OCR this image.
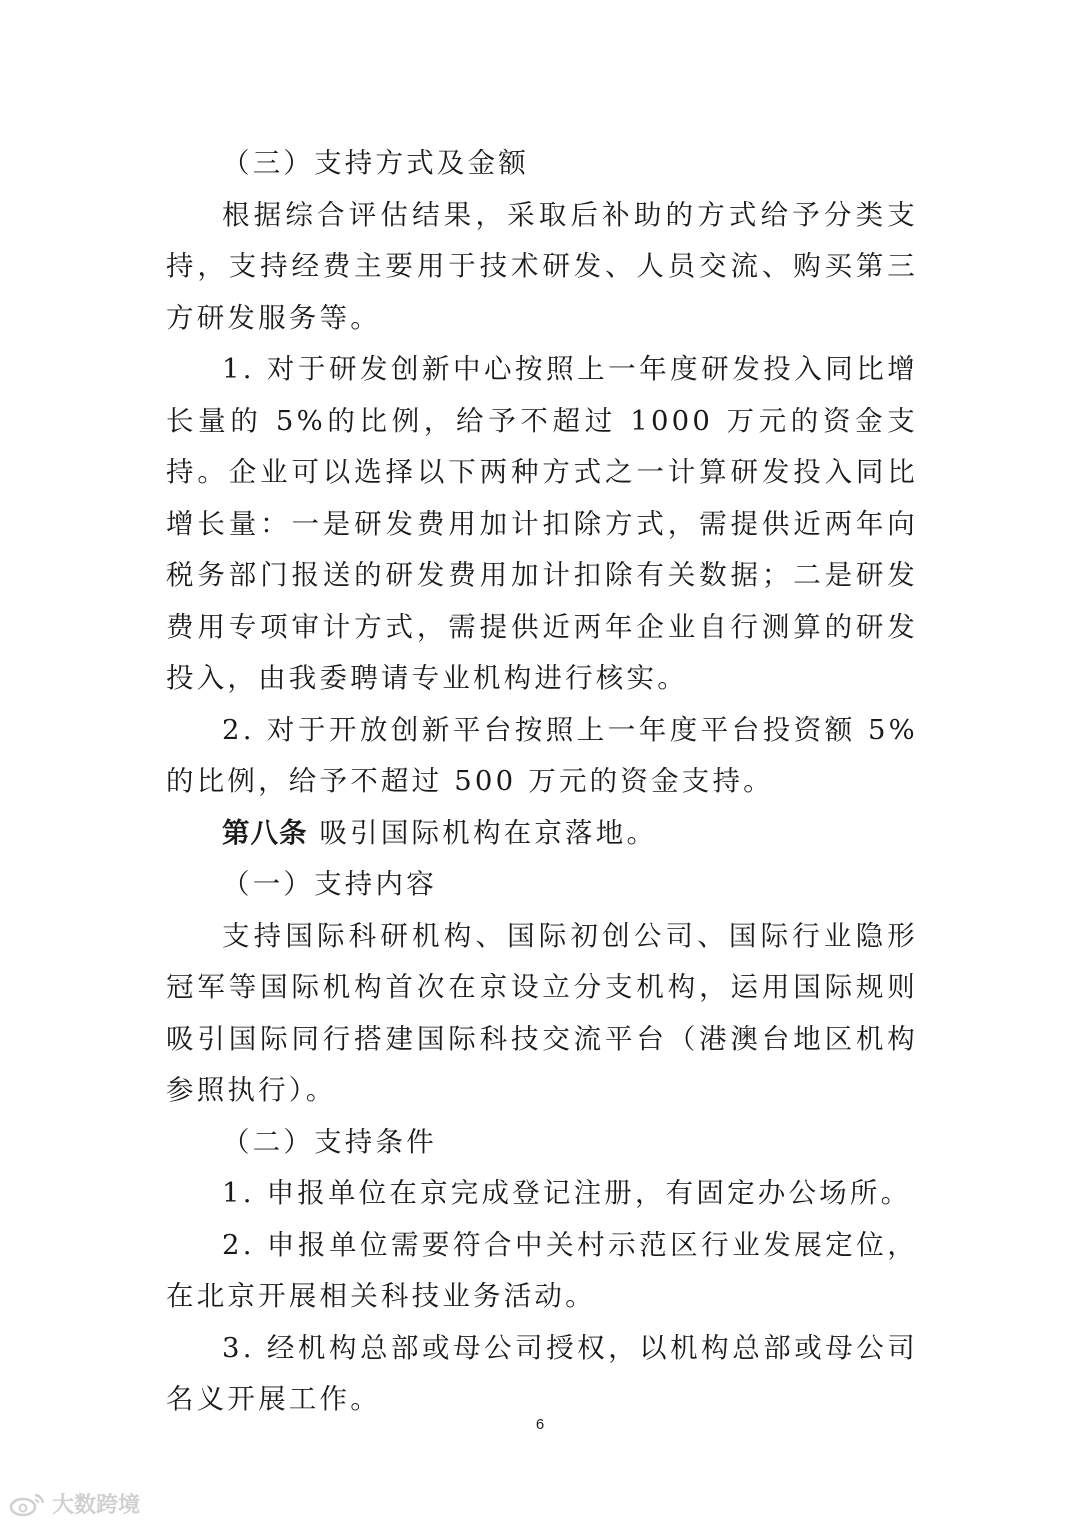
（三）支持方式及金额

根据综合评估结果，采取后补助的方式给予分类支持，支持经费主要用于技术研发、人员交流、购买第三方研发服务等。

1. 对于研发创新中心按照上一年度研发投入同比增长量的 5%的比例，给予不超过 1000 万元的资金支持。企业可以选择以下两种方式之一计算研发投入同比增长量：一是研发费用加计扣除方式，需提供近两年向税务部门报送的研发费用加计扣除有关数据；二是研发费用专项审计方式，需提供近两年企业自行测算的研发投入，由我委聘请专业机构进行核实。

2. 对于开放创新平台按照上一年度平台投资额 5%的比例，给予不超过 500 万元的资金支持。

第八条 吸引国际机构在京落地。

（一）支持内容

支持国际科研机构、国际初创公司、国际行业隐形冠军等国际机构首次在京设立分支机构，运用国际规则吸引国际同行搭建国际科技交流平台（港澳台地区机构参照执行）。

（二）支持条件

1. 申报单位在京完成登记注册，有固定办公场所。

2. 申报单位需要符合中关村示范区行业发展定位，在北京开展相关科技业务活动。

3. 经机构总部或母公司授权，以机构总部或母公司名义开展工作。

6
大数跨境
